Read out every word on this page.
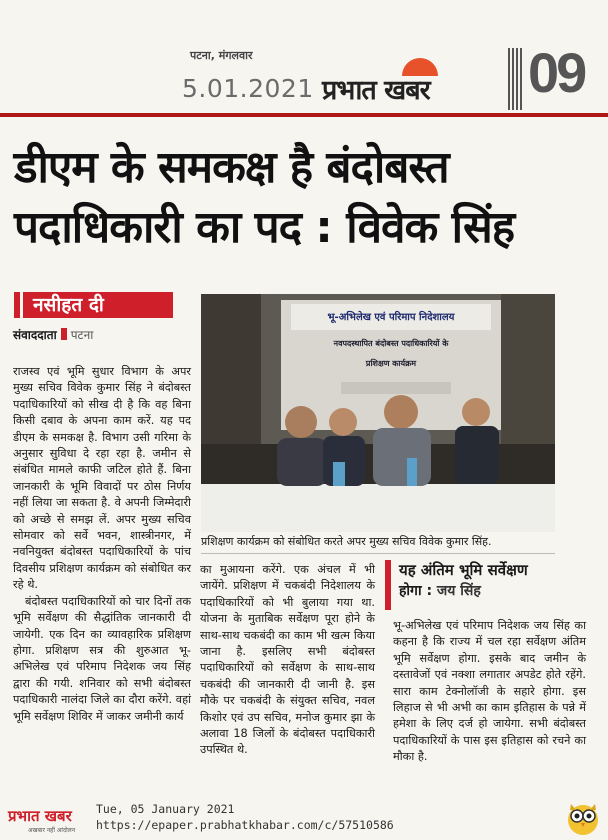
पटना, मंगलवार
5.01.2021 प्रभात खबर 09
डीएम के समकक्ष है बंदोबस्त
पदाधिकारी का पद : विवेक सिंह
नसीहत दी
संवाददाता पटना

राजस्व एवं भूमि सुधार विभाग के अपर मुख्य सचिव विवेक कुमार सिंह ने बंदोबस्त पदाधिकारियों को सीख दी है कि वह बिना किसी दबाव के अपना काम करें. यह पद डीएम के समकक्ष है. विभाग उसी गरिमा के अनुसार सुविधा दे रहा रहा है. जमीन से संबंधित मामले काफी जटिल होते हैं. बिना जानकारी के भूमि विवादों पर ठोस निर्णय नहीं लिया जा सकता है. वे अपनी जिम्मेदारी को अच्छे से समझ लें. अपर मुख्य सचिव सोमवार को सर्वे भवन, शास्त्रीनगर, में नवनियुक्त बंदोबस्त पदाधिकारियों के पांच दिवसीय प्रशिक्षण कार्यक्रम को संबोधित कर रहे थे.

बंदोबस्त पदाधिकारियों को चार दिनों तक भूमि सर्वेक्षण की सैद्धांतिक जानकारी दी जायेगी. एक दिन का व्यावहारिक प्रशिक्षण होगा. प्रशिक्षण सत्र की शुरुआत भू-अभिलेख एवं परिमाप निदेशक जय सिंह द्वारा की गयी. शनिवार को सभी बंदोबस्त पदाधिकारी नालंदा जिले का दौरा करेंगे. वहां भूमि सर्वेक्षण शिविर में जाकर जमीनी कार्य

भू-अभिलेख एवं परिमाप निदेशालय
नवपदस्थापित बंदोबस्त पदाधिकारियों के
प्रशिक्षण कार्यक्रम
प्रशिक्षण कार्यक्रम को संबोधित करते अपर मुख्य सचिव विवेक कुमार सिंह.

का मुआयना करेंगे. एक अंचल में भी जायेंगे. प्रशिक्षण में चकबंदी निदेशालय के पदाधिकारियों को भी बुलाया गया था. योजना के मुताबिक सर्वेक्षण पूरा होने के साथ-साथ चकबंदी का काम भी खत्म किया जाना है. इसलिए सभी बंदोबस्त पदाधिकारियों को सर्वेक्षण के साथ-साथ चकबंदी की जानकारी दी जानी है. इस मौके पर चकबंदी के संयुक्त सचिव, नवल किशोर एवं उप सचिव, मनोज कुमार झा के अलावा 18 जिलों के बंदोबस्त पदाधिकारी उपस्थित थे.

यह अंतिम भूमि सर्वेक्षण
होगा : जय सिंह

भू-अभिलेख एवं परिमाप निदेशक जय सिंह का कहना है कि राज्य में चल रहा सर्वेक्षण अंतिम भूमि सर्वेक्षण होगा. इसके बाद जमीन के दस्तावेजों एवं नक्शा लगातार अपडेट होते रहेंगे. सारा काम टेक्नोलॉजी के सहारे होगा. इस लिहाज से भी अभी का काम इतिहास के पन्ने में हमेशा के लिए दर्ज हो जायेगा. सभी बंदोबस्त पदाधिकारियों के पास इस इतिहास को रचने का मौका है.

प्रभात खबर
अखबार नहीं आंदोलन
Tue, 05 January 2021
https://epaper.prabhatkhabar.com/c/57510586
